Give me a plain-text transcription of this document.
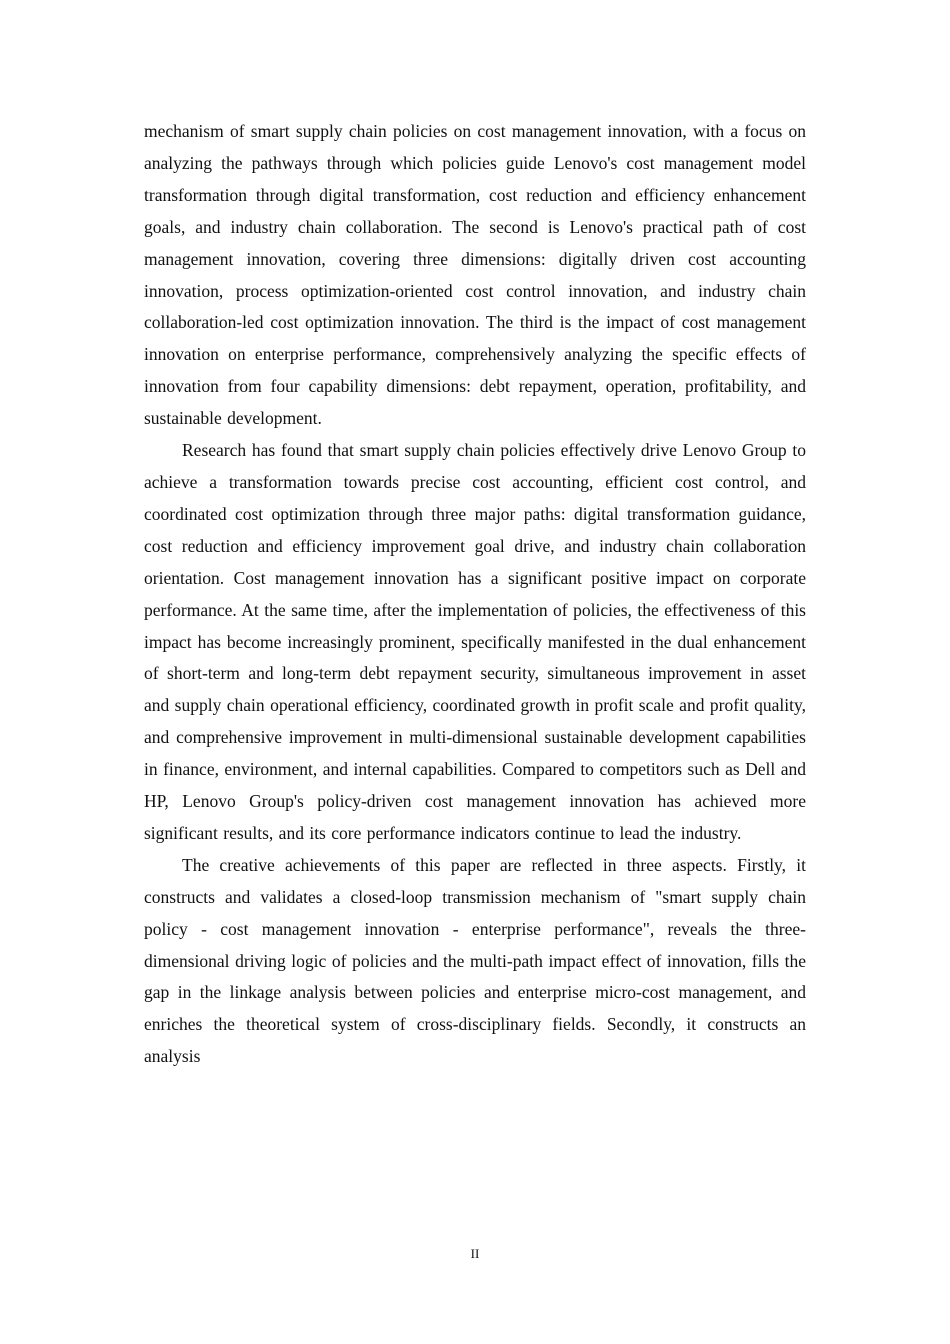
mechanism of smart supply chain policies on cost management innovation, with a focus on analyzing the pathways through which policies guide Lenovo's cost management model transformation through digital transformation, cost reduction and efficiency enhancement goals, and industry chain collaboration. The second is Lenovo's practical path of cost management innovation, covering three dimensions: digitally driven cost accounting innovation, process optimization-oriented cost control innovation, and industry chain collaboration-led cost optimization innovation. The third is the impact of cost management innovation on enterprise performance, comprehensively analyzing the specific effects of innovation from four capability dimensions: debt repayment, operation, profitability, and sustainable development.

Research has found that smart supply chain policies effectively drive Lenovo Group to achieve a transformation towards precise cost accounting, efficient cost control, and coordinated cost optimization through three major paths: digital transformation guidance, cost reduction and efficiency improvement goal drive, and industry chain collaboration orientation. Cost management innovation has a significant positive impact on corporate performance. At the same time, after the implementation of policies, the effectiveness of this impact has become increasingly prominent, specifically manifested in the dual enhancement of short-term and long-term debt repayment security, simultaneous improvement in asset and supply chain operational efficiency, coordinated growth in profit scale and profit quality, and comprehensive improvement in multi-dimensional sustainable development capabilities in finance, environment, and internal capabilities. Compared to competitors such as Dell and HP, Lenovo Group's policy-driven cost management innovation has achieved more significant results, and its core performance indicators continue to lead the industry.

The creative achievements of this paper are reflected in three aspects. Firstly, it constructs and validates a closed-loop transmission mechanism of "smart supply chain policy - cost management innovation - enterprise performance", reveals the three-dimensional driving logic of policies and the multi-path impact effect of innovation, fills the gap in the linkage analysis between policies and enterprise micro-cost management, and enriches the theoretical system of cross-disciplinary fields. Secondly, it constructs an analysis

II
